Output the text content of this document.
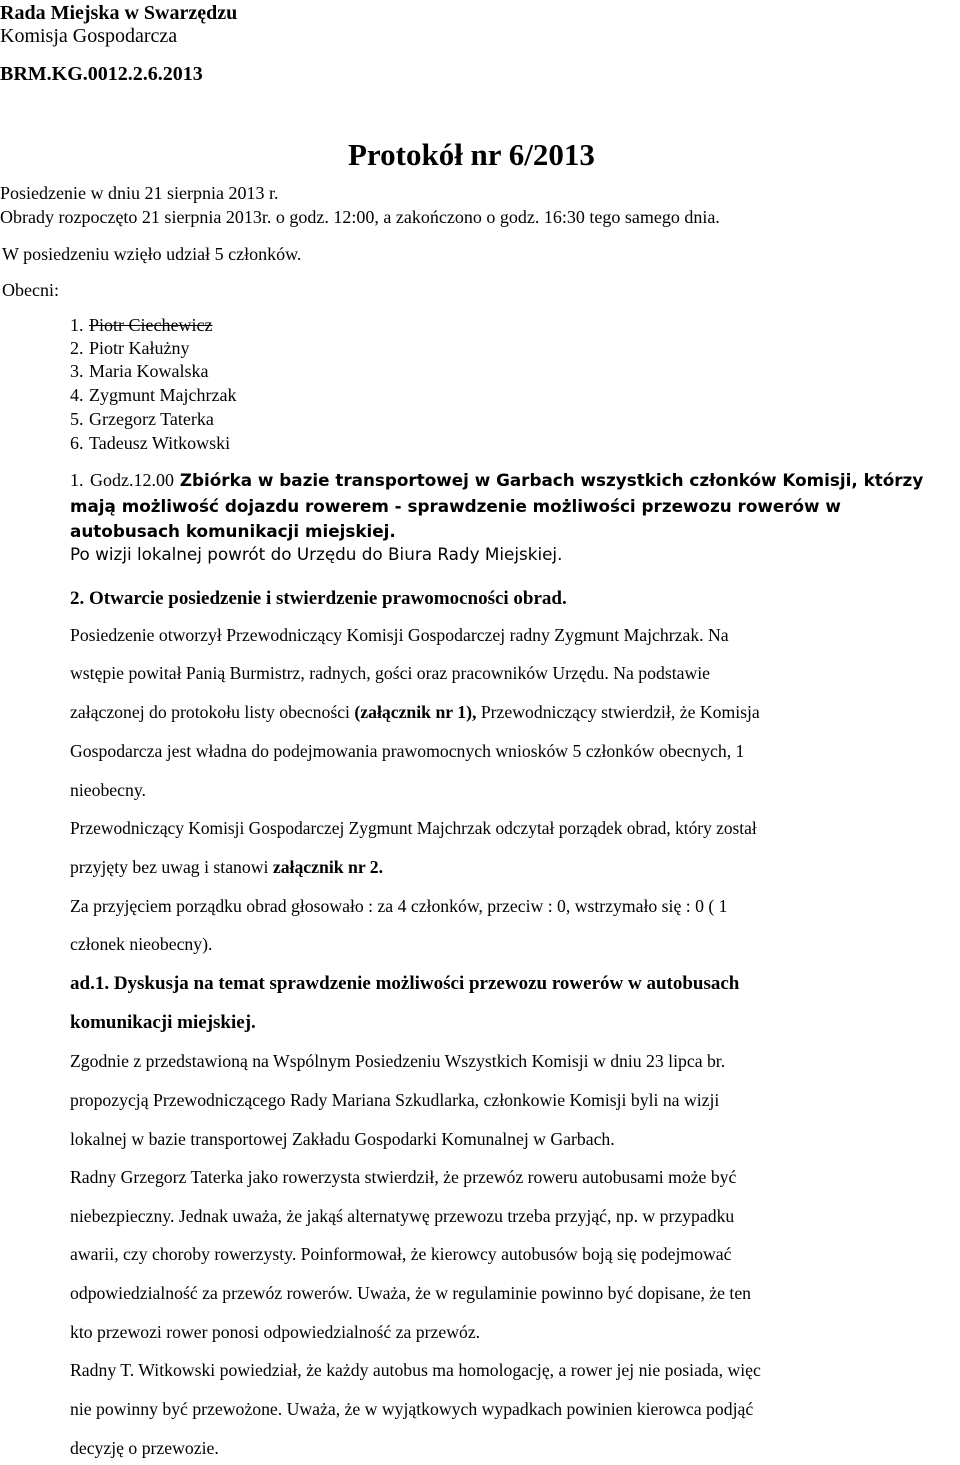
Rada Miejska w Swarzędzu
Komisja Gospodarcza
BRM.KG.0012.2.6.2013
Protokół nr 6/2013
Posiedzenie w dniu 21 sierpnia 2013 r.
Obrady rozpoczęto 21 sierpnia 2013r. o godz. 12:00, a zakończono o godz. 16:30 tego samego dnia.
W posiedzeniu wzięło udział 5 członków.
Obecni:
1. Piotr Ciechewicz
2. Piotr Kałużny
3. Maria Kowalska
4. Zygmunt Majchrzak
5. Grzegorz Taterka
6. Tadeusz Witkowski
1. Godz.12.00 Zbiórka w bazie transportowej w Garbach wszystkich członków Komisji, którzy
mają możliwość dojazdu rowerem - sprawdzenie możliwości przewozu rowerów w
autobusach komunikacji miejskiej.
Po wizji lokalnej powrót do Urzędu do Biura Rady Miejskiej.
2. Otwarcie posiedzenie i stwierdzenie prawomocności obrad.
Posiedzenie otworzył Przewodniczący Komisji Gospodarczej radny Zygmunt Majchrzak. Na
wstępie powitał Panią Burmistrz, radnych, gości oraz pracowników Urzędu. Na podstawie
załączonej do protokołu listy obecności (załącznik nr 1), Przewodniczący stwierdził, że Komisja
Gospodarcza jest władna do podejmowania prawomocnych wniosków 5 członków obecnych, 1
nieobecny.
Przewodniczący Komisji Gospodarczej Zygmunt Majchrzak odczytał porządek obrad, który został
przyjęty bez uwag i stanowi załącznik nr 2.
Za przyjęciem porządku obrad głosowało : za 4 członków, przeciw : 0, wstrzymało się : 0 ( 1
członek nieobecny).
ad.1. Dyskusja na temat sprawdzenie możliwości przewozu rowerów w autobusach
komunikacji miejskiej.
Zgodnie z przedstawioną na Wspólnym Posiedzeniu Wszystkich Komisji w dniu 23 lipca br.
propozycją Przewodniczącego Rady Mariana Szkudlarka, członkowie Komisji byli na wizji
lokalnej w bazie transportowej Zakładu Gospodarki Komunalnej w Garbach.
Radny Grzegorz Taterka jako rowerzysta stwierdził, że przewóz roweru autobusami może być
niebezpieczny. Jednak uważa, że jakąś alternatywę przewozu trzeba przyjąć, np. w przypadku
awarii, czy choroby rowerzysty. Poinformował, że kierowcy autobusów boją się podejmować
odpowiedzialność za przewóz rowerów. Uważa, że w regulaminie powinno być dopisane, że ten
kto przewozi rower ponosi odpowiedzialność za przewóz.
Radny T. Witkowski powiedział, że każdy autobus ma homologację, a rower jej nie posiada, więc
nie powinny być przewożone. Uważa, że w wyjątkowych wypadkach powinien kierowca podjąć
decyzję o przewozie.
